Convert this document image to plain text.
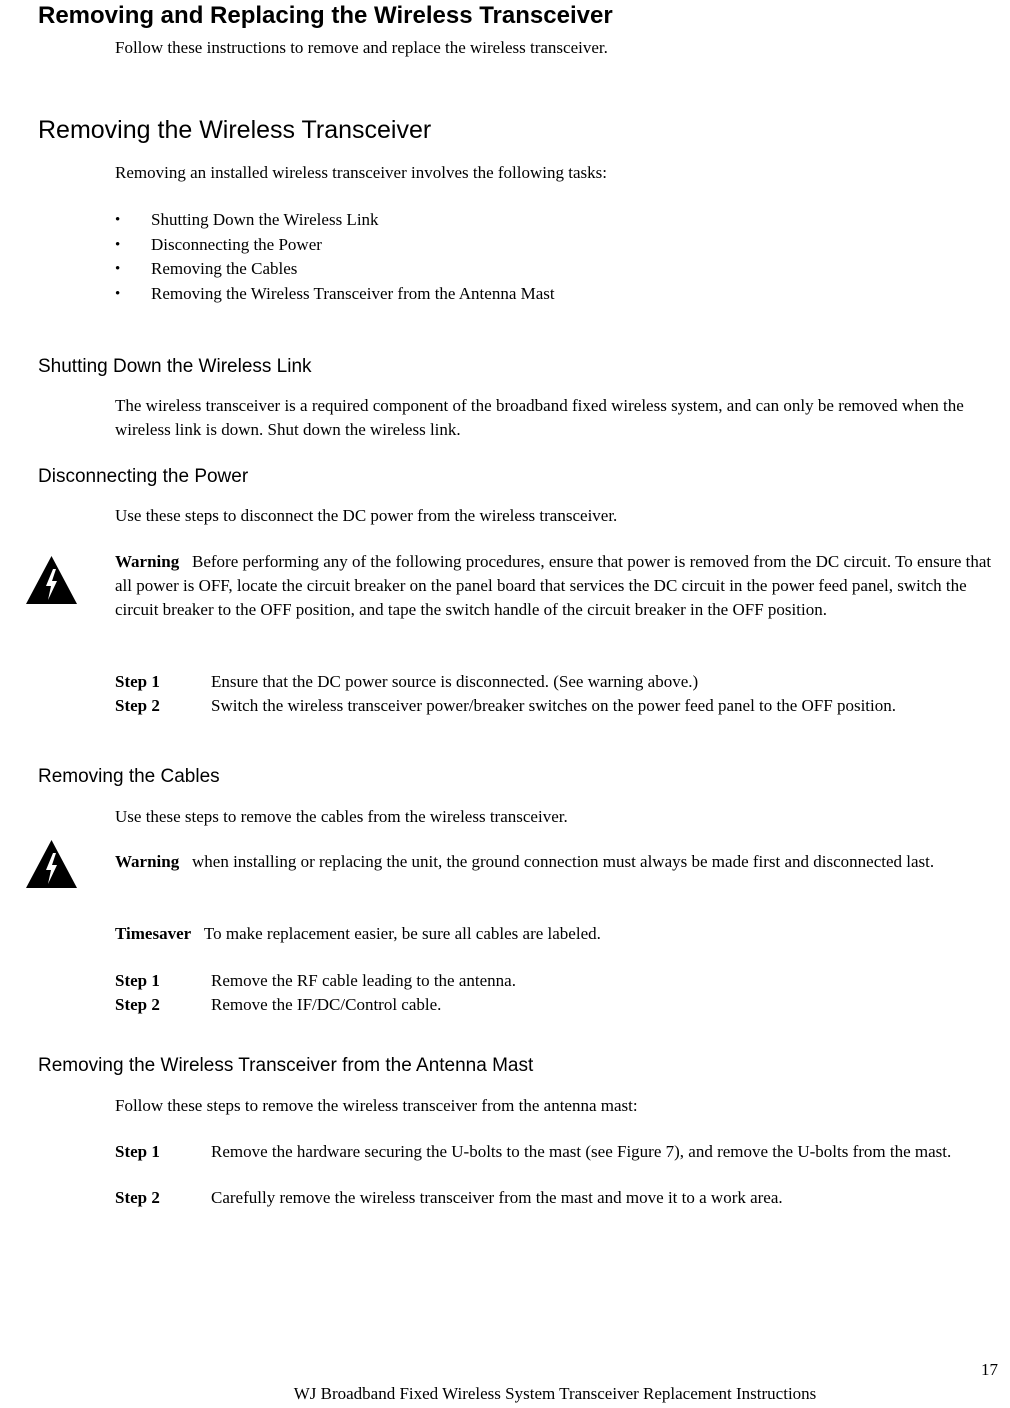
Removing and Replacing the Wireless Transceiver
Follow these instructions to remove and replace the wireless transceiver.
Removing the Wireless Transceiver
Removing an installed wireless transceiver involves the following tasks:
• Shutting Down the Wireless Link
• Disconnecting the Power
• Removing the Cables
• Removing the Wireless Transceiver from the Antenna Mast
Shutting Down the Wireless Link
The wireless transceiver is a required component of the broadband fixed wireless system, and can only be removed when the wireless link is down. Shut down the wireless link.
Disconnecting the Power
Use these steps to disconnect the DC power from the wireless transceiver.
Warning Before performing any of the following procedures, ensure that power is removed from the DC circuit. To ensure that all power is OFF, locate the circuit breaker on the panel board that services the DC circuit in the power feed panel, switch the circuit breaker to the OFF position, and tape the switch handle of the circuit breaker in the OFF position.
Step 1	Ensure that the DC power source is disconnected. (See warning above.)
Step 2	Switch the wireless transceiver power/breaker switches on the power feed panel to the OFF position.
Removing the Cables
Use these steps to remove the cables from the wireless transceiver.
Warning when installing or replacing the unit, the ground connection must always be made first and disconnected last.
Timesaver To make replacement easier, be sure all cables are labeled.
Step 1	Remove the RF cable leading to the antenna.
Step 2	Remove the IF/DC/Control cable.
Removing the Wireless Transceiver from the Antenna Mast
Follow these steps to remove the wireless transceiver from the antenna mast:
Step 1	Remove the hardware securing the U-bolts to the mast (see Figure 7), and remove the U-bolts from the mast.
Step 2	Carefully remove the wireless transceiver from the mast and move it to a work area.
17
WJ Broadband Fixed Wireless System Transceiver Replacement Instructions
